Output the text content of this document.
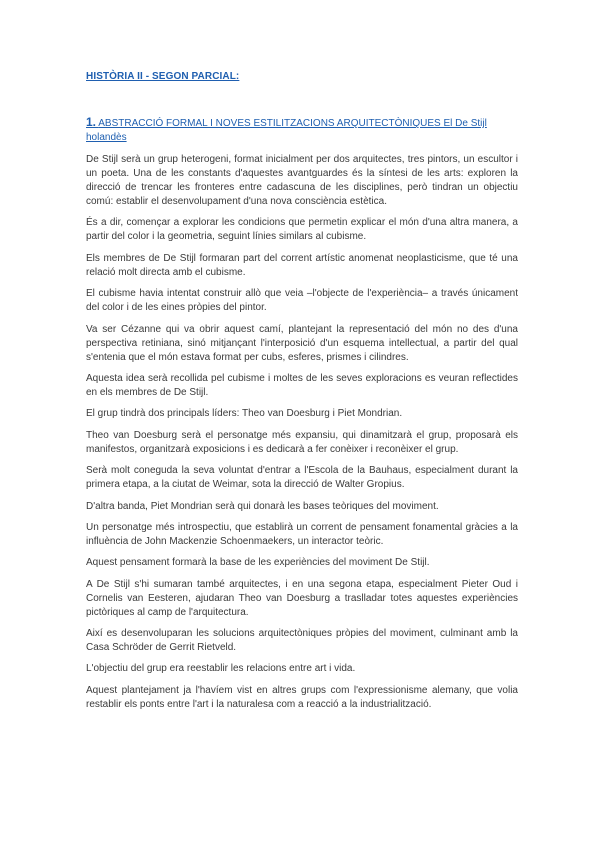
HISTÒRIA II - SEGON PARCIAL:
1. ABSTRACCIÓ FORMAL I NOVES ESTILITZACIONS ARQUITECTÒNIQUES El De Stijl holandès

De Stijl serà un grup heterogeni, format inicialment per dos arquitectes, tres pintors, un escultor i un poeta. Una de les constants d'aquestes avantguardes és la síntesi de les arts: exploren la direcció de trencar les fronteres entre cadascuna de les disciplines, però tindran un objectiu comú: establir el desenvolupament d'una nova consciència estètica.

És a dir, començar a explorar les condicions que permetin explicar el món d'una altra manera, a partir del color i la geometria, seguint línies similars al cubisme.

Els membres de De Stijl formaran part del corrent artístic anomenat neoplasticisme, que té una relació molt directa amb el cubisme.

El cubisme havia intentat construir allò que veia –l'objecte de l'experiència– a través únicament del color i de les eines pròpies del pintor.

Va ser Cézanne qui va obrir aquest camí, plantejant la representació del món no des d'una perspectiva retiniana, sinó mitjançant l'interposició d'un esquema intellectual, a partir del qual s'entenia que el món estava format per cubs, esferes, prismes i cilindres.

Aquesta idea serà recollida pel cubisme i moltes de les seves exploracions es veuran reflectides en els membres de De Stijl.

El grup tindrà dos principals líders: Theo van Doesburg i Piet Mondrian.

Theo van Doesburg serà el personatge més expansiu, qui dinamitzarà el grup, proposarà els manifestos, organitzarà exposicions i es dedicarà a fer conèixer i reconèixer el grup.

Serà molt coneguda la seva voluntat d'entrar a l'Escola de la Bauhaus, especialment durant la primera etapa, a la ciutat de Weimar, sota la direcció de Walter Gropius.

D'altra banda, Piet Mondrian serà qui donarà les bases teòriques del moviment.

Un personatge més introspectiu, que establirà un corrent de pensament fonamental gràcies a la influència de John Mackenzie Schoenmaekers, un interactor teòric.

Aquest pensament formarà la base de les experiències del moviment De Stijl.

A De Stijl s'hi sumaran també arquitectes, i en una segona etapa, especialment Pieter Oud i Cornelis van Eesteren, ajudaran Theo van Doesburg a traslladar totes aquestes experiències pictòriques al camp de l'arquitectura.

Així es desenvoluparan les solucions arquitectòniques pròpies del moviment, culminant amb la Casa Schröder de Gerrit Rietveld.

L'objectiu del grup era reestablir les relacions entre art i vida.

Aquest plantejament ja l'havíem vist en altres grups com l'expressionisme alemany, que volia restablir els ponts entre l'art i la naturalesa com a reacció a la industrialització.
